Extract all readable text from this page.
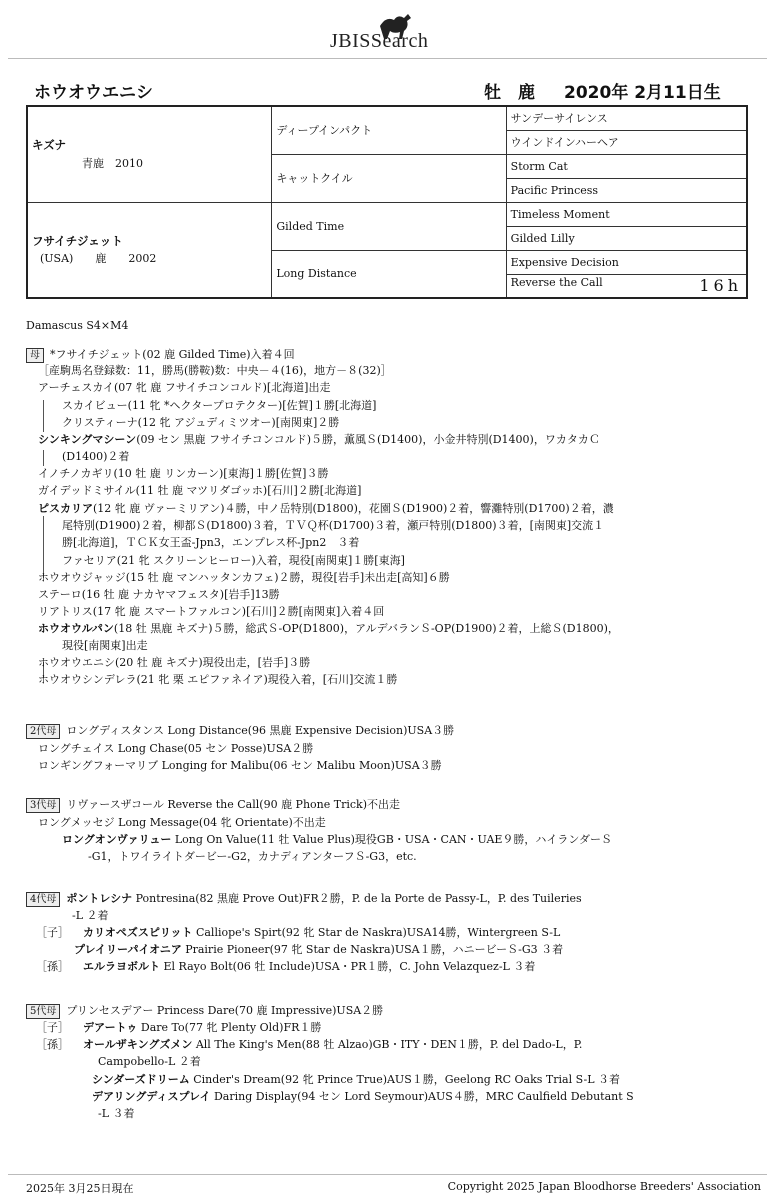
JBISSearch
ホウオウエニシ	牡　 鹿 2020年 2月11日生
キズナ
青鹿　 2010	ディープインパクト	サンデーサイレンス
		ウインドインハーヘア
	キャットクイル	Storm Cat
		Pacific Princess

フサイチジェット
(USA) 鹿 2002	Gilded Time	Timeless Moment
		Gilded Lilly
	Long Distance	Expensive Decision
		Reverse the Call 16h
Damascus S4×M4
母 *フサイチジェット(02 鹿 Gilded Time)入着４回
［産駒馬名登録数：11，勝馬(勝鞍)数：中央－４(16)，地方－８(32)］
アーチェスカイ(07 牝 鹿 フサイチコンコルド)[北海道]出走
スカイビュー(11 牝 *ヘクタープロテクター)[佐賀]１勝[北海道]
クリスティーナ(12 牝 アジュディミツオー)[南関東]２勝
シンキングマシーン(09 セン 黒鹿 フサイチコンコルド)５勝，薫風Ｓ(D1400)，小金井特別(D1400)，ワカタカＣ
(D1400)２着
イノチノカギリ(10 牡 鹿 リンカーン)[東海]１勝[佐賀]３勝
ガイデッドミサイル(11 牡 鹿 マツリダゴッホ)[石川]２勝[北海道]
ピスカリア(12 牝 鹿 ヴァーミリアン)４勝，中ノ岳特別(D1800)，花園Ｓ(D1900)２着，響灘特別(D1700)２着，濃
尾特別(D1900)２着，柳都Ｓ(D1800)３着，ＴＶＱ杯(D1700)３着，瀬戸特別(D1800)３着，[南関東]交流１
勝[北海道]，ＴＣＫ女王盃-Jpn3，エンプレス杯-Jpn2　３着
ファセリア(21 牝 スクリーンヒーロー)入着，現役[南関東]１勝[東海]
ホウオウジャッジ(15 牡 鹿 マンハッタンカフェ)２勝，現役[岩手]未出走[高知]６勝
ステーロ(16 牡 鹿 ナカヤマフェスタ)[岩手]13勝
リアトリス(17 牝 鹿 スマートファルコン)[石川]２勝[南関東]入着４回
ホウオウルパン(18 牡 黒鹿 キズナ)５勝，総武Ｓ-OP(D1800)，アルデバランＳ-OP(D1900)２着，上総Ｓ(D1800)，
現役[南関東]出走
ホウオウエニシ(20 牡 鹿 キズナ)現役出走，[岩手]３勝
ホウオウシンデレラ(21 牝 栗 エピファネイア)現役入着，[石川]交流１勝
2代母 ロングディスタンス Long Distance(96 黒鹿 Expensive Decision)USA３勝
ロングチェイス Long Chase(05 セン Posse)USA２勝
ロンギングフォーマリブ Longing for Malibu(06 セン Malibu Moon)USA３勝
3代母 リヴァースザコール Reverse the Call(90 鹿 Phone Trick)不出走
ロングメッセジ Long Message(04 牝 Orientate)不出走
ロングオンヴァリュー Long On Value(11 牡 Value Plus)現役GB・USA・CAN・UAE９勝，ハイランダーＳ
-G1，トワイライトダービー-G2，カナディアンターフＳ-G3，etc.
4代母 ポントレシナ Pontresina(82 黒鹿 Prove Out)FR２勝，P. de la Porte de Passy-L，P. des Tuileries
-L ２着
［子］ カリオペズスピリット Calliope's Spirt(92 牝 Star de Naskra)USA14勝，Wintergreen S-L
プレイリーパイオニア Prairie Pioneer(97 牝 Star de Naskra)USA１勝，ハニービーＳ-G3 ３着
［孫］ エルラヨボルト El Rayo Bolt(06 牡 Include)USA・PR１勝，C. John Velazquez-L ３着
5代母 プリンセスデアー Princess Dare(70 鹿 Impressive)USA２勝
［子］ デアートゥ Dare To(77 牝 Plenty Old)FR１勝
［孫］ オールザキングズメン All The King's Men(88 牡 Alzao)GB・ITY・DEN１勝，P. del Dado-L，P.
Campobello-L ２着
シンダーズドリーム Cinder's Dream(92 牝 Prince True)AUS１勝，Geelong RC Oaks Trial S-L ３着
デアリングディスプレイ Daring Display(94 セン Lord Seymour)AUS４勝，MRC Caulfield Debutant S
-L ３着
2025年 3月25日現在	Copyright 2025 Japan Bloodhorse Breeders' Association
